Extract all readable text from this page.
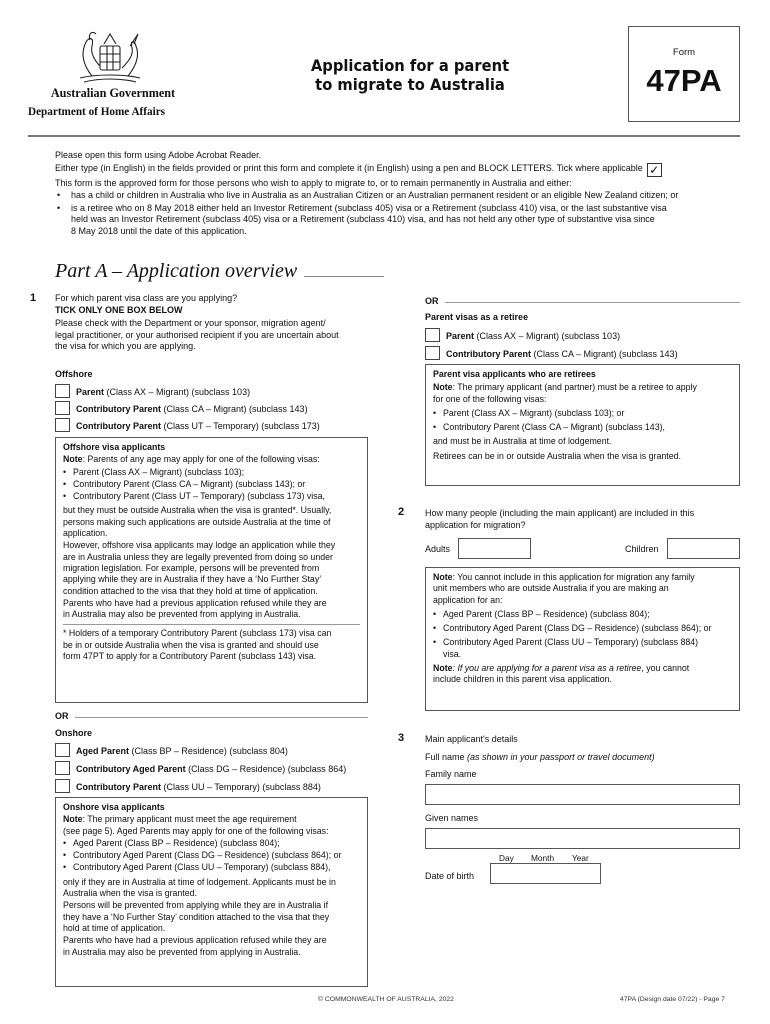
Australian Government
Department of Home Affairs
Application for a parent
to migrate to Australia
Form
47PA

Please open this form using Adobe Acrobat Reader.

Either type (in English) in the fields provided or print this form and complete it (in English) using a pen and BLOCK LETTERS. Tick where applicable ✓

This form is the approved form for those persons who wish to apply to migrate to, or to remain permanently in Australia and either:

• has a child or children in Australia who live in Australia as an Australian Citizen or an Australian permanent resident or an eligible New Zealand citizen; or

• is a retiree who on 8 May 2018 either held an Investor Retirement (subclass 405) visa or a Retirement (subclass 410) visa, or the last substantive visa
held was an Investor Retirement (subclass 405) visa or a Retirement (subclass 410) visa, and has not held any other type of substantive visa since
8 May 2018 until the date of this application.

Part A – Application overview
1 For which parent visa class are you applying?
TICK ONLY ONE BOX BELOW
Please check with the Department or your sponsor, migration agent/
legal practitioner, or your authorised recipient if you are uncertain about
the visa for which you are applying.
Offshore
Parent (Class AX – Migrant) (subclass 103)
Contributory Parent (Class CA – Migrant) (subclass 143)
Contributory Parent (Class UT – Temporary) (subclass 173)

Offshore visa applicants

Note: Parents of any age may apply for one of the following visas:

• Parent (Class AX – Migrant) (subclass 103);

• Contributory Parent (Class CA – Migrant) (subclass 143); or

• Contributory Parent (Class UT – Temporary) (subclass 173) visa,

but they must be outside Australia when the visa is granted*. Usually,
persons making such applications are outside Australia at the time of
application.

However, offshore visa applicants may lodge an application while they
are in Australia unless they are legally prevented from doing so under
migration legislation. For example, persons will be prevented from
applying while they are in Australia if they have a ‘No Further Stay’
condition attached to the visa that they hold at time of application.

Parents who have had a previous application refused while they are
in Australia may also be prevented from applying in Australia.

* Holders of a temporary Contributory Parent (subclass 173) visa can
be in or outside Australia when the visa is granted and should use
form 47PT to apply for a Contributory Parent (subclass 143) visa.

OR
Onshore
Aged Parent (Class BP – Residence) (subclass 804)
Contributory Aged Parent (Class DG – Residence) (subclass 864)
Contributory Parent (Class UU – Temporary) (subclass 884)

Onshore visa applicants

Note: The primary applicant must meet the age requirement
(see page 5). Aged Parents may apply for one of the following visas:

• Aged Parent (Class BP – Residence) (subclass 804);

• Contributory Aged Parent (Class DG – Residence) (subclass 864); or

• Contributory Aged Parent (Class UU – Temporary) (subclass 884),

only if they are in Australia at time of lodgement. Applicants must be in
Australia when the visa is granted.

Persons will be prevented from applying while they are in Australia if
they have a ‘No Further Stay’ condition attached to the visa that they
hold at time of application.

Parents who have had a previous application refused while they are
in Australia may also be prevented from applying in Australia.

OR
Parent visas as a retiree
Parent (Class AX – Migrant) (subclass 103)
Contributory Parent (Class CA – Migrant) (subclass 143)

Parent visa applicants who are retirees

Note: The primary applicant (and partner) must be a retiree to apply
for one of the following visas:

• Parent (Class AX – Migrant) (subclass 103); or

• Contributory Parent (Class CA – Migrant) (subclass 143),

and must be in Australia at time of lodgement.

Retirees can be in or outside Australia when the visa is granted.

2 How many people (including the main applicant) are included in this
application for migration?
Adults	Children

Note: You cannot include in this application for migration any family
unit members who are outside Australia if you are making an
application for an:

• Aged Parent (Class BP – Residence) (subclass 804);

• Contributory Aged Parent (Class DG – Residence) (subclass 864); or

• Contributory Aged Parent (Class UU – Temporary) (subclass 884)
visa.

Note: If you are applying for a parent visa as a retiree, you cannot
include children in this parent visa application.

3 Main applicant's details
Full name (as shown in your passport or travel document)
Family name
Given names
Day Month Year
Date of birth
© COMMONWEALTH OF AUSTRALIA, 2022	47PA (Design date 07/22) - Page 7
